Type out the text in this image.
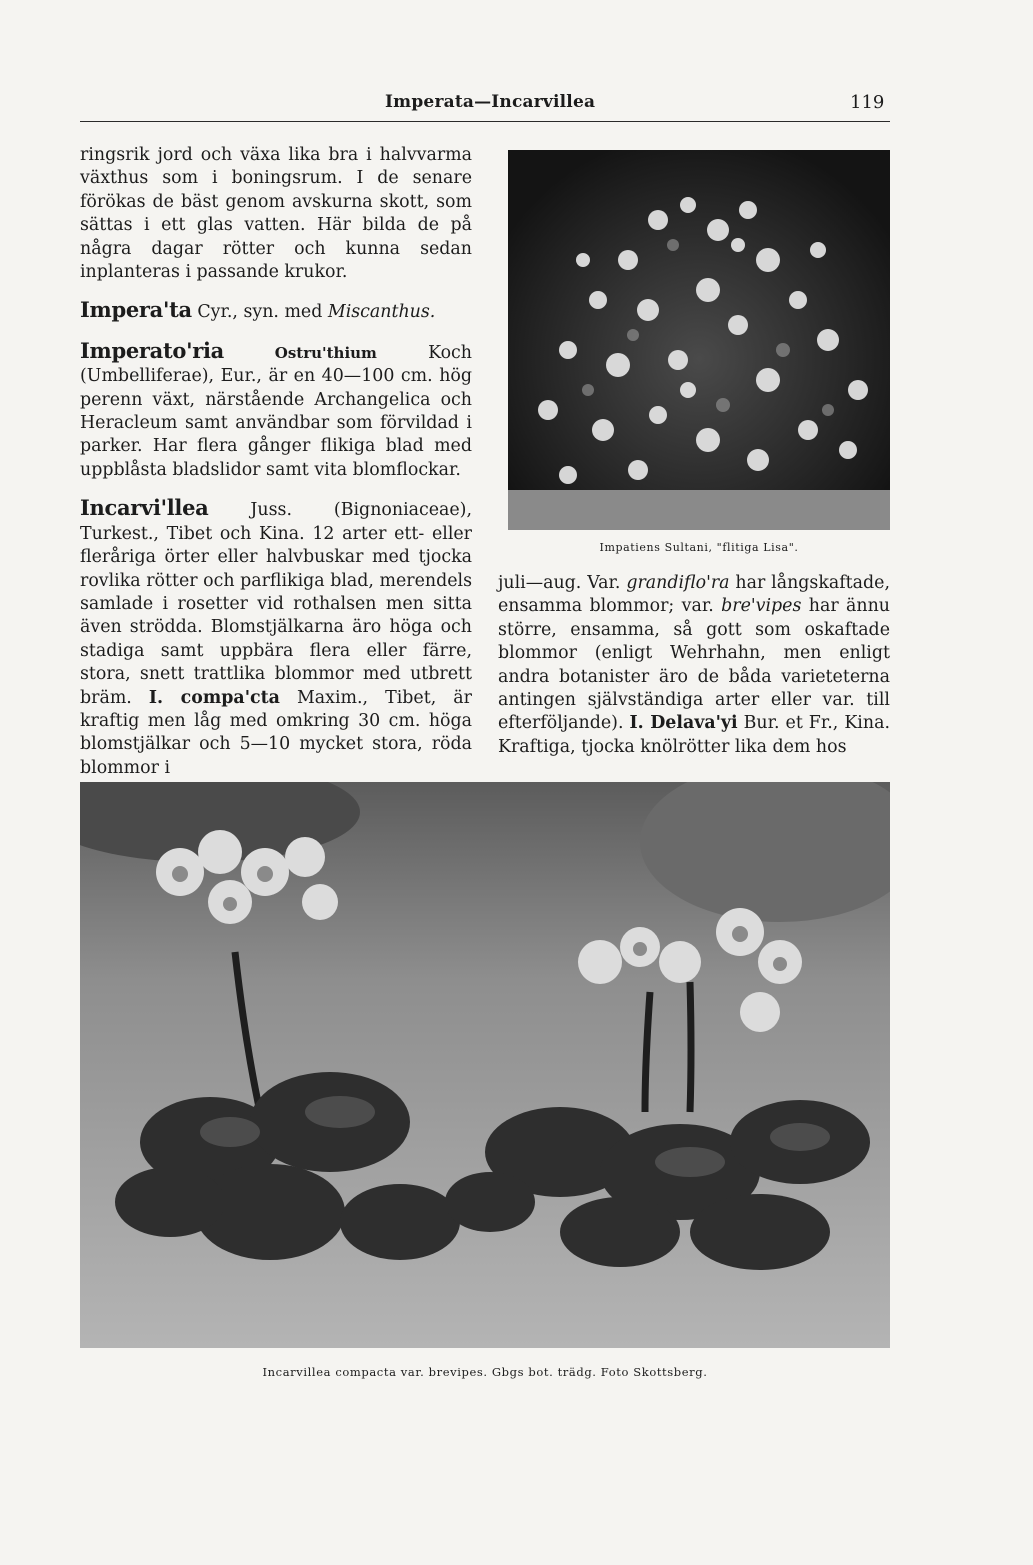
Imperata—Incarvillea	119

ringsrik jord och växa lika bra i halvvarma växthus som i boningsrum. I de senare förökas de bäst genom avskurna skott, som sättas i ett glas vatten. Här bilda de på några dagar rötter och kunna sedan inplanteras i passande krukor.

Impera'ta Cyr., syn. med Miscanthus.

Imperato'ria Ostru'thium Koch (Umbelliferae), Eur., är en 40—100 cm. hög perenn växt, närstående Archangelica och Heracleum samt användbar som förvildad i parker. Har flera gånger flikiga blad med uppblåsta bladslidor samt vita blomflockar.

Incarvi'llea Juss. (Bignoniaceae), Turkest., Tibet och Kina. 12 arter ett- eller fleråriga örter eller halvbuskar med tjocka rovlika rötter och parflikiga blad, merendels samlade i rosetter vid rothalsen men sitta även strödda. Blomstjälkarna äro höga och stadiga samt uppbära flera eller färre, stora, snett trattlika blommor med utbrett bräm. I. compa'cta Maxim., Tibet, är kraftig men låg med omkring 30 cm. höga blomstjälkar och 5—10 mycket stora, röda blommor i

Impatiens Sultani, "flitiga Lisa".

juli—aug. Var. grandiflo'ra har långskaftade, ensamma blommor; var. bre'vipes har ännu större, ensamma, så gott som oskaftade blommor (enligt Wehrhahn, men enligt andra botanister äro de båda varieteterna antingen självständiga arter eller var. till efterföljande). I. Delava'yi Bur. et Fr., Kina. Kraftiga, tjocka knölrötter lika dem hos

Incarvillea compacta var. brevipes. Gbgs bot. trädg. Foto Skottsberg.
